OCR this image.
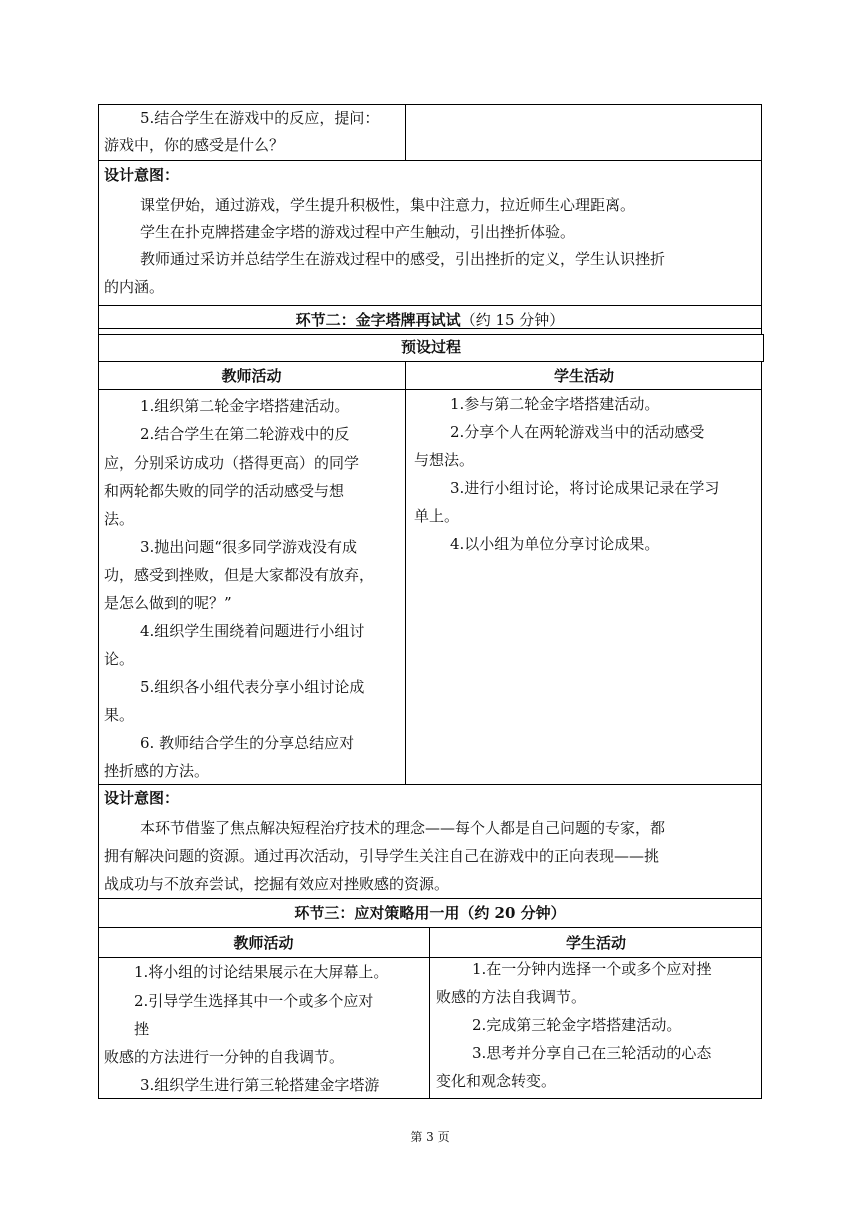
5.结合学生在游戏中的反应，提问：
游戏中，你的感受是什么？
设计意图：
课堂伊始，通过游戏，学生提升积极性，集中注意力，拉近师生心理距离。
学生在扑克牌搭建金字塔的游戏过程中产生触动，引出挫折体验。
教师通过采访并总结学生在游戏过程中的感受，引出挫折的定义，学生认识挫折
的内涵。
环节二：金字塔牌再试试（约 15 分钟）
预设过程
教师活动	学生活动
1.组织第二轮金字塔搭建活动。
2.结合学生在第二轮游戏中的反
应，分别采访成功（搭得更高）的同学
和两轮都失败的同学的活动感受与想
法。
3.抛出问题“很多同学游戏没有成
功，感受到挫败，但是大家都没有放弃，
是怎么做到的呢？”
4.组织学生围绕着问题进行小组讨
论。
5.组织各小组代表分享小组讨论成
果。
6. 教师结合学生的分享总结应对
挫折感的方法。
1.参与第二轮金字塔搭建活动。
2.分享个人在两轮游戏当中的活动感受
与想法。
3.进行小组讨论，将讨论成果记录在学习
单上。
4.以小组为单位分享讨论成果。
设计意图：
本环节借鉴了焦点解决短程治疗技术的理念——每个人都是自己问题的专家，都
拥有解决问题的资源。通过再次活动，引导学生关注自己在游戏中的正向表现——挑
战成功与不放弃尝试，挖掘有效应对挫败感的资源。
环节三：应对策略用一用（约 20 分钟）
教师活动	学生活动
1.将小组的讨论结果展示在大屏幕上。
2.引导学生选择其中一个或多个应对
挫
败感的方法进行一分钟的自我调节。
3.组织学生进行第三轮搭建金字塔游
1.在一分钟内选择一个或多个应对挫
败感的方法自我调节。
2.完成第三轮金字塔搭建活动。
3.思考并分享自己在三轮活动的心态
变化和观念转变。
第 3 页
